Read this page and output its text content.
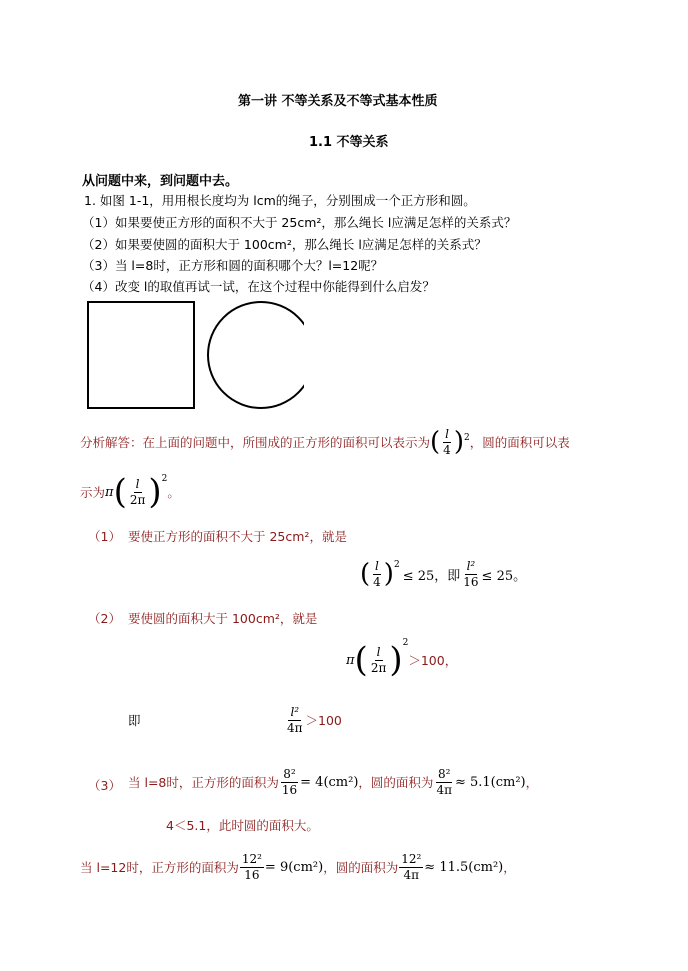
第一讲 不等关系及不等式基本性质
1.1 不等关系
从问题中来，到问题中去。
1. 如图 1-1，用用根长度均为 lcm的绳子，分别围成一个正方形和圆。
（1）如果要使正方形的面积不大于 25cm²，那么绳长 l应满足怎样的关系式？
（2）如果要使圆的面积大于 100cm²，那么绳长 l应满足怎样的关系式？
（3）当 l=8时，正方形和圆的面积哪个大？l=12呢？
（4）改变 l的取值再试一试，在这个过程中你能得到什么启发？
分析解答：在上面的问题中，所围成的正方形的面积可以表示为 ( $\frac{l}{4} )^2$ ，圆的面积可以表
示为 π ( $\frac{l}{2\pi} )^2$
。
（1） 要使正方形的面积不大于 25cm²，就是
( $\frac{l}{4} )^2$
≤ 25，即 $\frac{\text{l²}}{16} \le 25$。
（2） 要使圆的面积大于 100cm²，就是
π ( $\frac{l}{2\pi} )^2$
＞100，
即	$\frac{\text{l²}}{4\pi} >100$
（3） 当 l=8时，正方形的面积为 $\frac{\text{8²}}{16} = 4(cm^2)$ ，圆的面积为 $\frac{\text{8²}}{4\pi} \approx 5.1(cm^2)$ ，
4＜5.1，此时圆的面积大。
当 l=12时，正方形的面积为 $\frac{\text{12²}}{16} = 9(cm^2)$ ，圆的面积为 $\frac{\text{12²}}{4\pi} \approx 11.5(cm^2)$ ，
